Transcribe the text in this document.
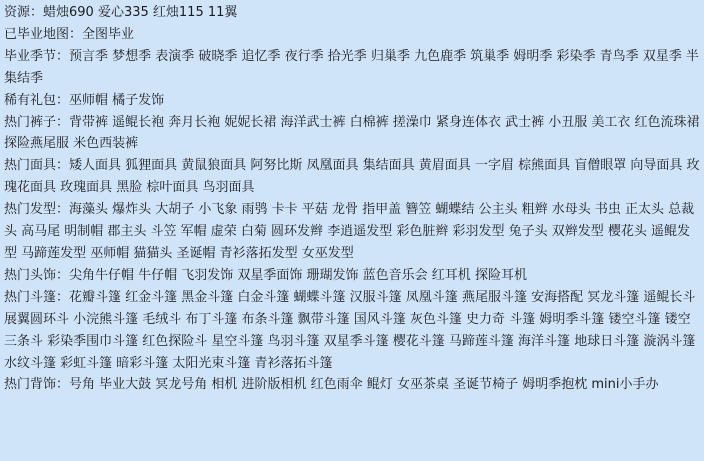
资源：蜡烛690 爱心335 红烛115 11翼

已毕业地图：全图毕业

毕业季节：预言季 梦想季 表演季 破晓季 追忆季 夜行季 拾光季 归巢季 九色鹿季 筑巢季 姆明季 彩染季 青鸟季 双星季 半集结季

稀有礼包：巫师帽 橘子发饰

热门裤子：背带裤 遥鲲长袍 奔月长袍 妮妮长裙 海洋武士裤 白棉裤 搓澡巾 紧身连体衣 武士裤 小丑服 美工衣 红色流珠裙 探险燕尾服 米色西装裤

热门面具：矮人面具 狐狸面具 黄鼠狼面具 阿努比斯 凤凰面具 集结面具 黄眉面具 一字眉 棕熊面具 盲僧眼罩 向导面具 玫瑰花面具 玫瑰面具 黑脸 棕叶面具 鸟羽面具

热门发型：海藻头 爆炸头 大胡子 小飞象 雨鸮 卡卡 平菇 龙骨 指甲盖 簪笠 蝴蝶结 公主头 粗辫 水母头 书虫 正太头 总裁头 高马尾 明制帽 郡主头 斗笠 军帽 虚荣 白菊 圆环发辫 李逍遥发型 彩色脏辫 彩羽发型 兔子头 双辫发型 樱花头 遥鲲发型 马蹄莲发型 巫师帽 猫猫头 圣诞帽 青衫落拓发型 女巫发型

热门头饰：尖角牛仔帽 牛仔帽 飞羽发饰 双星季面饰 珊瑚发饰 蓝色音乐会 红耳机 探险耳机

热门斗篷：花瓣斗篷 红金斗篷 黑金斗篷 白金斗篷 蝴蝶斗篷 汉服斗篷 凤凰斗篷 燕尾服斗篷 安海搭配 冥龙斗篷 遥鲲长斗 展翼圆环斗 小浣熊斗篷 毛绒斗 布丁斗篷 布条斗篷 飘带斗篷 国风斗篷 灰色斗篷 史力奇 斗篷 姆明季斗篷 镂空斗篷 镂空三条斗 彩染季围巾斗篷 红色探险斗 星空斗篷 鸟羽斗篷 双星季斗篷 樱花斗篷 马蹄莲斗篷 海洋斗篷 地球日斗篷 漩涡斗篷 水纹斗篷 彩虹斗篷 暗彩斗篷 太阳光束斗篷 青衫落拓斗篷

热门背饰：号角 毕业大鼓 冥龙号角 相机 进阶版相机 红色雨伞 鲲灯 女巫茶桌 圣诞节椅子 姆明季抱枕 mini小手办
